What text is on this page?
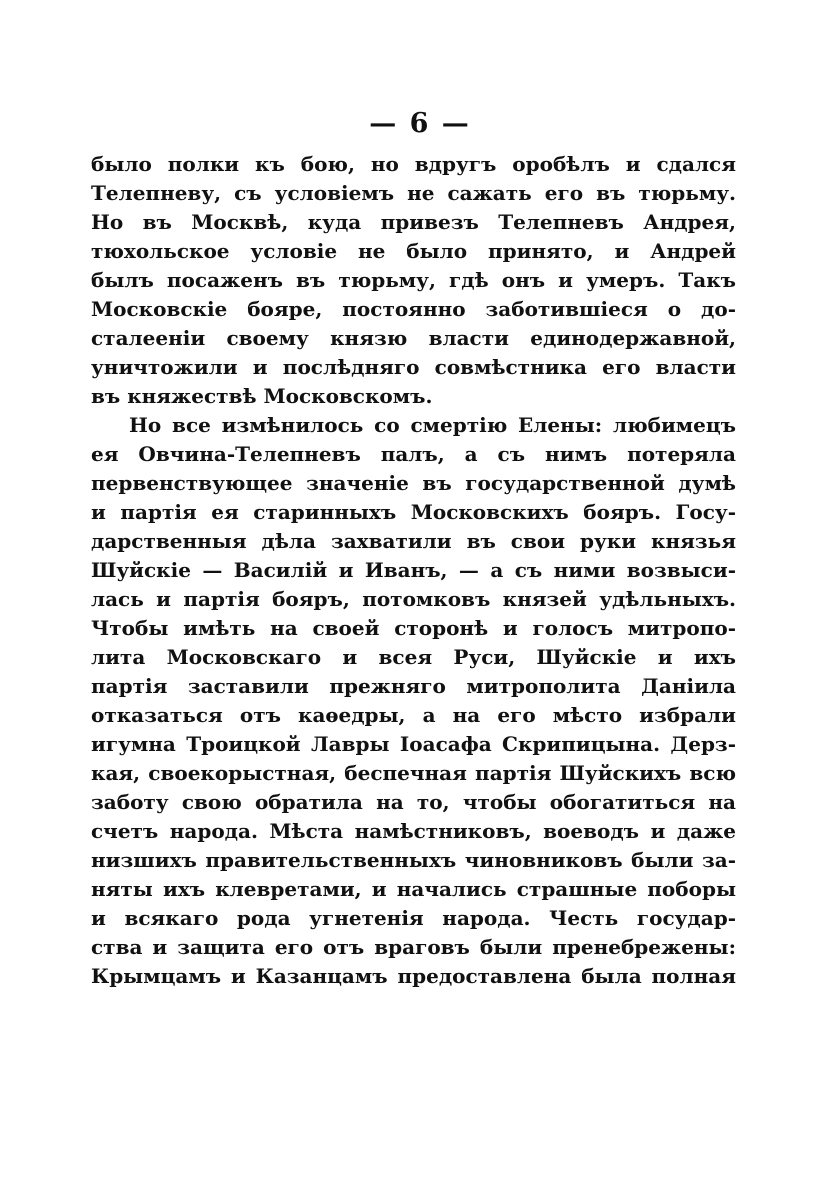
— 6 —
было полки къ бою, но вдругъ оробѣлъ и сдался
Телепневу, съ условіемъ не сажать его въ тюрьму.
Но въ Москвѣ, куда привезъ Телепневъ Андрея,
тюхольское условіе не было принято, и Андрей
былъ посаженъ въ тюрьму, гдѣ онъ и умеръ. Такъ
Московскіе бояре, постоянно заботившіеся о до-
сталееніи своему князю власти единодержавной,
уничтожили и послѣдняго совмѣстника его власти
въ княжествѣ Московскомъ.
Но все измѣнилось со смертію Елены: любимецъ
ея Овчина-Телепневъ палъ, а съ нимъ потеряла
первенствующее значеніе въ государственной думѣ
и партія ея старинныхъ Московскихъ бояръ. Госу-
дарственныя дѣла захватили въ свои руки князья
Шуйскіе — Василій и Иванъ, — а съ ними возвыси-
лась и партія бояръ, потомковъ князей удѣльныхъ.
Чтобы имѣть на своей сторонѣ и голосъ митропо-
лита Московскаго и всея Руси, Шуйскіе и ихъ
партія заставили прежняго митрополита Даніила
отказаться отъ каѳедры, а на его мѣсто избрали
игумна Троицкой Лавры Іоасафа Скрипицына. Дерз-
кая, своекорыстная, беспечная партія Шуйскихъ всю
заботу свою обратила на то, чтобы обогатиться на
счетъ народа. Мѣста намѣстниковъ, воеводъ и даже
низшихъ правительственныхъ чиновниковъ были за-
няты ихъ клевретами, и начались страшные поборы
и всякаго рода угнетенія народа. Честь государ-
ства и защита его отъ враговъ были пренебрежены:
Крымцамъ и Казанцамъ предоставлена была полная
